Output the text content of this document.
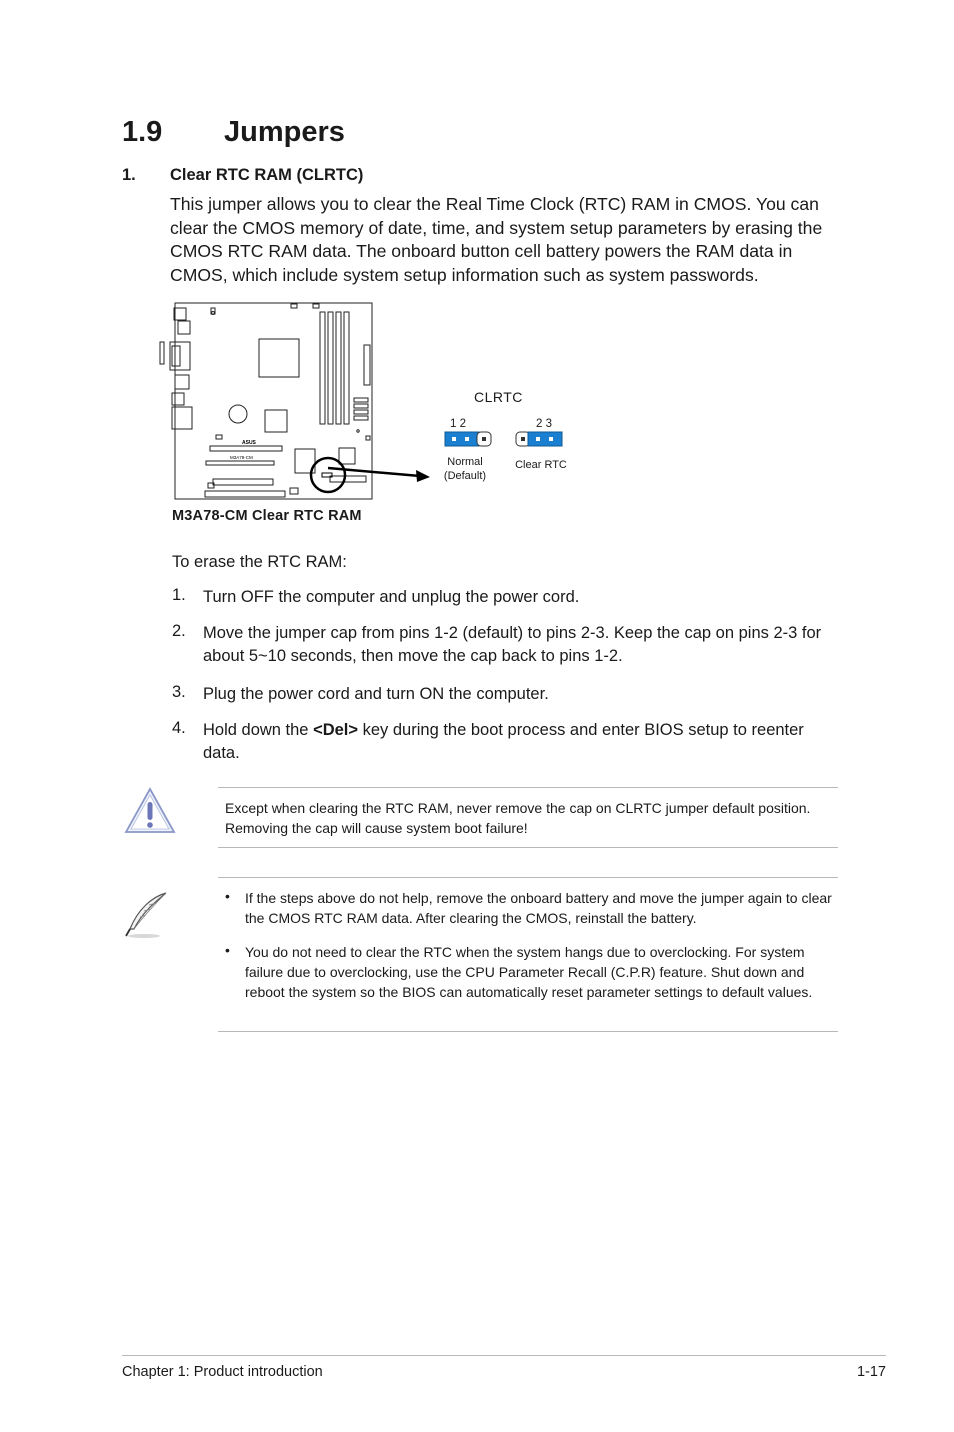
1.9 Jumpers
1. Clear RTC RAM (CLRTC)
This jumper allows you to clear the Real Time Clock (RTC) RAM in CMOS. You can clear the CMOS memory of date, time, and system setup parameters by erasing the CMOS RTC RAM data. The onboard button cell battery powers the RAM data in CMOS, which include system setup information such as system passwords.
ASUS
M3A78-CM
M3A78-CM Clear RTC RAM
CLRTC
1 2	2 3
Normal
(Default)
Clear RTC
To erase the RTC RAM:
1. Turn OFF the computer and unplug the power cord.
2. Move the jumper cap from pins 1-2 (default) to pins 2-3. Keep the cap on pins 2-3 for about 5~10 seconds, then move the cap back to pins 1-2.
3. Plug the power cord and turn ON the computer.
4. Hold down the <Del> key during the boot process and enter BIOS setup to reenter data.
Except when clearing the RTC RAM, never remove the cap on CLRTC jumper default position. Removing the cap will cause system boot failure!
• If the steps above do not help, remove the onboard battery and move the jumper again to clear the CMOS RTC RAM data. After clearing the CMOS, reinstall the battery.
• You do not need to clear the RTC when the system hangs due to overclocking. For system failure due to overclocking, use the CPU Parameter Recall (C.P.R) feature. Shut down and reboot the system so the BIOS can automatically reset parameter settings to default values.
Chapter 1: Product introduction	1-17
